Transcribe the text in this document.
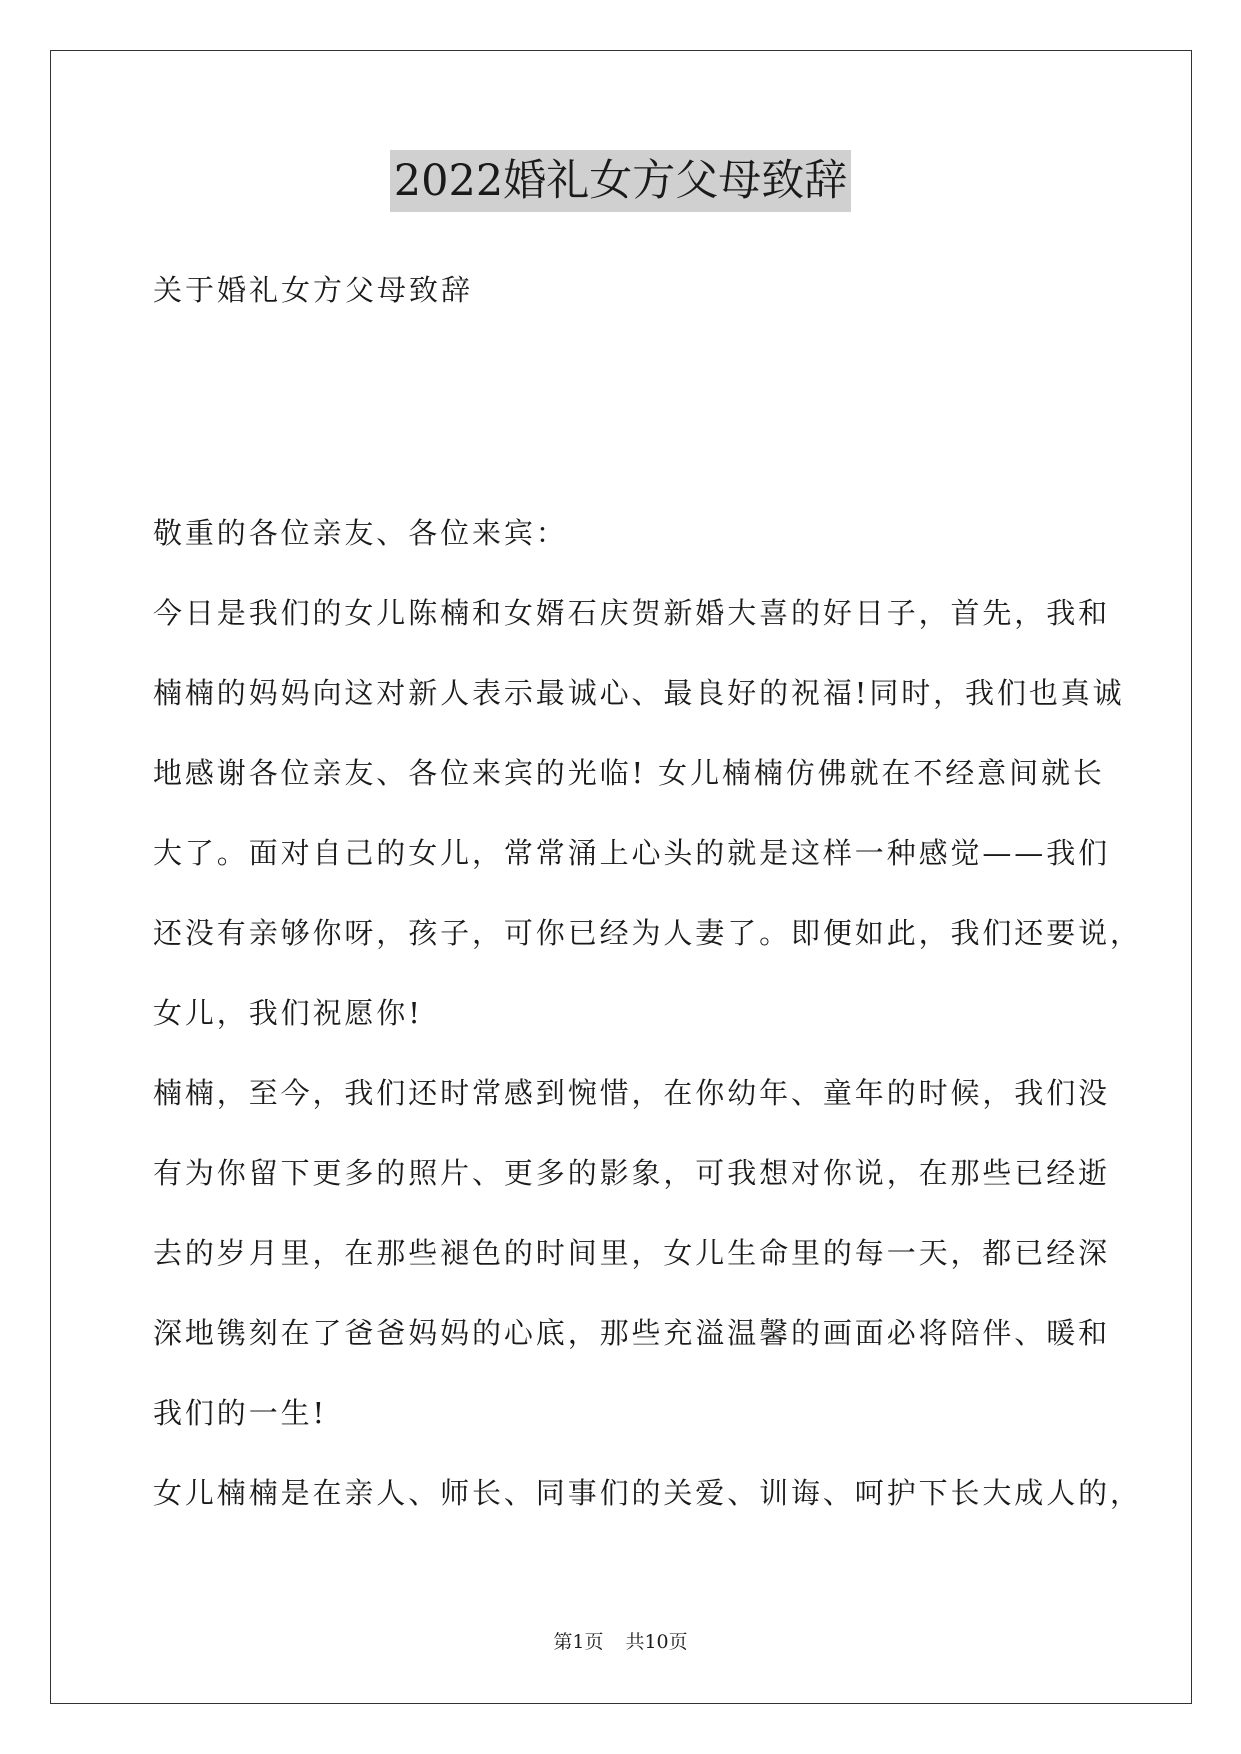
2022婚礼女方父母致辞
关于婚礼女方父母致辞
敬重的各位亲友、各位来宾：
今日是我们的女儿陈楠和女婿石庆贺新婚大喜的好日子，首先，我和
楠楠的妈妈向这对新人表示最诚心、最良好的祝福!同时，我们也真诚
地感谢各位亲友、各位来宾的光临! 女儿楠楠仿佛就在不经意间就长
大了。面对自己的女儿，常常涌上心头的就是这样一种感觉——我们
还没有亲够你呀，孩子，可你已经为人妻了。即便如此，我们还要说，
女儿，我们祝愿你!
楠楠，至今，我们还时常感到惋惜，在你幼年、童年的时候，我们没
有为你留下更多的照片、更多的影象，可我想对你说，在那些已经逝
去的岁月里，在那些褪色的时间里，女儿生命里的每一天，都已经深
深地镌刻在了爸爸妈妈的心底，那些充溢温馨的画面必将陪伴、暖和
我们的一生!
女儿楠楠是在亲人、师长、同事们的关爱、训诲、呵护下长大成人的，
第1页 共10页
